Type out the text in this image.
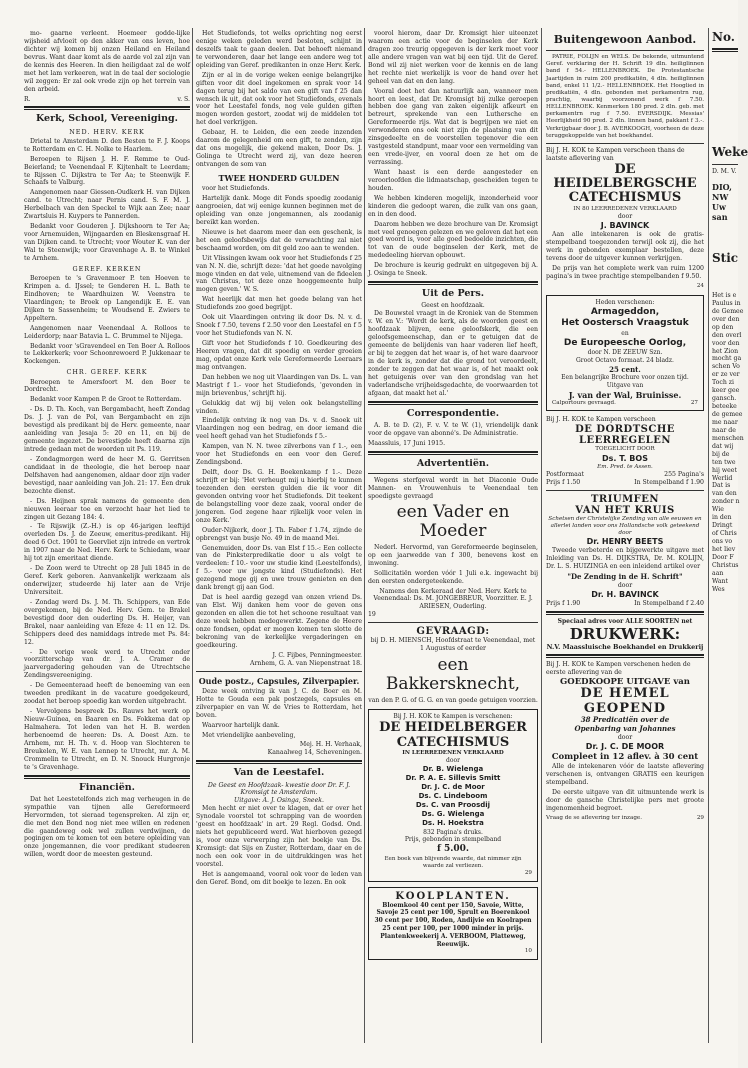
mo- gaarne verleent. Hoemeer godde-lijke wijsheid afvloeit op den akker van ons leven, hoe dichter wij komen bij onzen Heiland en Heiland bevrus. Want daar komt als de aarde vol zal zijn van de kennis des Heeren. In dien heiligdaat zal de wolf met het lam verkeeren, wat in de taal der sociologie wil zeggen: Er zal ook vrede zijn op het terrein van den arbeid.

R.	v. S.
Kerk, School, Vereeniging.
NED. HERV. KERK

Drietal te Amsterdam D. den Besten te F. J. Koops te Rotterdam en C. H. Nolke te Haarlem.

Beroepen te Rijsen J. H. F. Remme te Oud-Beierland; te Veenendaal F. Kijtenhalt te Leerdam; te Rijssen C. Dijkstra te Ter Aa; te Steenwijk F. Schaafs te Valburg.

Aangenomen naar Giessen-Oudkerk H. van Dijken cand. te Utrecht; naar Pernis cand. S. F. M. J. Herbelbach van den Speckel te Wijk aan Zee; naar Zwartsluis H. Kuypers te Pannerden.

Bedankt voor Gouderen J. Dijkshoorn te Ter Aa; voor Arnemuiden, Wijngaarden en Bleskensgraaf H. van Dijken cand. te Utrecht; voor Wouter K. van der Wal te Steenwijk; voor Gravenhage A. B. te Winkel te Arnhem.

GEREF. KERKEN

Beroepen te 's Gravenmoer P. ten Hoeven te Krimpen a. d. IJssel; te Genderen H. L. Bath te Eindhoven; te Waardhuizen W. Veenstra te Vlaardingen; te Broek op Langendijk E. E. van Dijken te Sassenheim; te Woudsend E. Zwiers te Appeltern.

Aangenomen naar Veenendaal A. Rolloos te Leiderdorp; naar Batavia L. C. Brummel te Nijega.

Bedankt voor 'sGravendeel en Ten Boer A. Rolloos te Lekkerkerk; voor Schoonrewoerd P. Jukkenaar te Kockengen.

CHR. GEREF. KERK

Beroepen te Amersfoort M. den Boer te Dordrecht.

Bedankt voor Kampen P. de Groot te Rotterdam.

- Ds. D. Th. Koch, van Bergambacht, heeft Zondag Ds. J. J. van de Pol, van Bergambacht en zijn bevestigd als predikant bij de Herv. gemeente, naar aanleiding van Jesaja 5: 20 en 11, en bij de gemeente ingezet. De bevestigde heeft daarna zijn intrede gedaan met de woorden uit Ps. 119.

- Zondagmorgen werd de heer M. G. Gerritsen candidaat in de theologie, die het beroep naar Delfshaven had aangenomen, aldaar door zijn vader bevestigd, naar aanleiding van Joh. 21: 17. Een druk bezochte dienst.

- Ds. Heijnen sprak namens de gemeente den nieuwen leeraar toe en verzocht haar het lied te zingen uit Gezang 184: 4.

- Te Rijswijk (Z.-H.) is op 46-jarigen leeftijd overleden Ds. J. de Zeeuw, emeritus-predikant. Hij deed 6 Oct. 1901 te Geervliet zijn intrede en vertrok in 1907 naar de Ned. Herv. Kerk te Schiedam, waar hij tot zijn emeritaat diende.

- De Zoon werd te Utrecht op 28 Juli 1845 in de Geref. Kerk geboren. Aanvankelijk werkzaam als onderwijzer, studeerde hij later aan de Vrije Universiteit.

- Zondag werd Ds. J. M. Th. Schippers, van Ede overgekomen, bij de Ned. Herv. Gem. te Brakel bevestigd door den ouderling Ds. H. Heijer, van Brakel, naar aanleiding van Efeze 4: 11 en 12. Ds. Schippers deed des namiddags intrede met Ps. 84: 12.

- De vorige week werd te Utrecht onder voorzitterschap van dr. J. A. Cramer de jaarvergadering gehouden van de Utrechtsche Zendingsvereeniging.

- De Gemeenteraad heeft de benoeming van een tweeden predikant in de vacature goedgekeurd, zoodat het beroep spoedig kan worden uitgebracht.

- Vervolgens bespreek Ds. Rauws het werk op Nieuw-Guinea, en Baaren en Ds. Fokkema dat op Halmahera. Tot leden van het H. B. werden herbenoemd de heeren: Ds. A. Doest Azn. te Arnhem, mr. H. Th. v. d. Hoop van Slochteren te Breukelen, W. E. van Lennep te Utrecht, mr. A. M. Crommelin te Utrecht, en D. N. Snouck Hurgronje te 's Gravenhage.

Financiën.

Dat het Leestetelfonds zich mag verheugen in de sympathie van tijnen alle Gereformeerd Hervormden, tot sieraad tegenspreken. Al zijn er, die met den Bond nog niet mee willen en redenen die gaandeweg ook wel zullen verdwijnen, de pogingen om te komen tot een betere opleiding van onze jongemannen, die voor predikant studeeren willen, wordt door de meesten gesteund.

Het Studiefonds, tot welks oprichting nog eerst eenige weken geleden werd besloten, schijnt in deszelfs taak te gaan deelen. Dat behoeft niemand te verwonderen, daar het lange een andere weg tot opleiding van Geref. predikanten in onze Herv. Kerk.

Zijn er al in de vorige weken eenige belangrijke giften voor dit doel ingekomen en sprak voor 14 dagen terug bij het saldo van een gift van f 25 dan wensch ik uit, dat ook voor het Studiefonds, evenals voor het Leestafel fonds, nog vele gulden giften mogen worden gestort, zoodat wij de middelen tot het doel verkrijgen.

Gebaar, H. te Leiden, die een zeede inzenden daarom de gelegenheid om een gift, te zenden, zijn dat ons mogelijk, die gekend maken, Door Ds. J. Golinga te Utrecht werd zij, van deze heeren ontvangen de som van

TWEE HONDERD GULDEN

voor het Studiefonds.

Hartelijk dank. Moge dit Fonds spoedig zoodanig aangroeien, dat wij eenige kunnen beginnen met de opleiding van onze jongemannen, als zoodanig bereikt kan worden.

Nieuwe is het daarom meer dan een geschenk, is het een geloofsbewijs dat de verwachting zal niet beschaamd worden, om dit geld zoo aan te wenden.

Uit Vlissingen kwam ook voor het Studiefonds f 25 van N. N. die, schrijft deze: 'dat het goede navolging moge vinden en dat vele, uitnemend van de fideelen van Christus, tot deze onze hooggemeente hulp mogen geven.' W. S.

Wat heerlijk dat men het goede belang van het Studiefonds zoo goed begrijpt.

Ook uit Vlaardingen ontving ik door Ds. N. v. d. Snoek f 7.50, tevens f 2.50 voor den Leestafel en f 5 voor het Studiefonds van N. N.

Gift voor het Studiefonds f 10. Goedkeuring des Heeren vragen, dat dit spoedig en verder groeien mag, opdat onze Kerk vele Gereformeerde Leeraars mag ontvangen.

Dan hebben we nog uit Vlaardingen van Ds. L. van Mastrigt f 1.- voor het Studiefonds, 'gevonden in mijn brievenbus,' schrijft hij.

Gelukkig dat wij bij velen ook belangstelling vinden.

Eindelijk ontving ik nog van Ds. v. d. Snoek uit Vlaardingen nog een bedrag, en door iemand die veel heeft gehad van het Studiefonds f 5.-

Kampen, van N. N. twee zilverbons van f 1.-, een voor het Studiefonds en een voor den Geref. Zendingsbond.

Delft, door Ds. G. H. Boekenkamp f 1.-. Deze schrijft er bij: 'Het verheugt mij u hierbij te kunnen toezenden den eersten gulden die ik voor dit gevonden ontving voor het Studiefonds. Dit teekent de belangstelling voor deze zaak, vooral onder de jongeren. God zegene haar rijkelijk voor velen in onze Kerk.'

Ouder-Nijkerk, door J. Th. Faber f 1.74, zijnde de opbrengst van busje No. 49 in de maand Mei.

Genemuiden, door Ds. van Elst f 15.-: Een collecte van de Pinksterpredikatie door u als volgt te verdeelen: f 10.- voor uw studie kind (Leestelfonds), f 5.- voor uw jongste kind (Studiefonds). Het gezegend moge gij en uwe trouw genieten en den dank brengt gij aan God.

Dat is heel aardig gezegd van onzen vriend Ds. van Elst. Wij danken hem voor de geven ons gezonden en allen die tot het schoone resultaat van deze week hebben medegewerkt. Zegene de Heere onze fondsen, opdat er mogen komen ten slotte de bekroning van de kerkelijke vergaderingen en goedkeuring.

J. C. Fijbes, Penningmeester.
Arnhem, G. A. van Niepenstraat 18.
Oude postz., Capsules, Zilverpapier.

Deze week ontving ik van J. C. de Boer en M. Hotte te Gouda een pak postzegels, capsules en zilverpapier en van W. de Vries te Rotterdam, het boven.

Waarvoor hartelijk dank.

Met vriendelijke aanbeveling,

Mej. H. H. Verhaak,
Kanaalweg 14, Scheveningen.
Van de Leestafel.
De Geest en Hoofdzaak- kwestie door Dr. F. J. Kromsigt te Amsterdam.
Uitgave: A. J. Osinga, Sneek.

Men hecht er niet over te klagen, dat er over het Synodale voorstel tot schrapping van de woorden 'geest en hoofdzaak' in art. 29 Regl. Godsd. Ond. niets het gepubliceerd werd. Wat hierboven gezegd is, voor onze verwerping zijn het boekje van Ds. Kromsigt: dat Sijs en Zuster, Rotterdam, daar en de noch een ook voor in de uitdrukkingen was het voorstel.

Het is aangemaand, vooral ook voor de leden van den Geref. Bond, om dit boekje te lezen. En ook

voorol hierom, daar Dr. Kromsigt hier uiteenzet waarom een actie voor de beginselen der Kerk dragen zoo treurig opgegeven is der kerk moet voor alle andere vragen van wat bij een tijd. Uit de Geref. Bond wil zij niet werken voor de kennis en de lang het rechte niet werkelijk is voor de hand over het geheel van dat en den lang.

Vooral doet het dan natuurlijk aan, wanneer men hoort en leest, dat Dr. Kromsigt bij zulke geroepen hebben doe gang van zaken eigenlijk afkeurt en betreurt, sprekende van een Luthersche en Gereformeerde rijs. Wat dat is begrijpen we niet en verwonderen ons ook niet zijn de plaatsing van dit zinsgedeelte en de voorstellen tegenover die een vastgesteld standpunt, maar voor een vermelding van een vrede-ijver, en vooral doen ze het om de verrassing.

Want haast is een derde aangesteder en veroorloofden die lidmaatschap, gescheiden tegen te houden.

We hebben kinderen mogelijk, inzonderheid voor kinderen die gedoopt waren, die zulk van ons gaan, en in den dood.

Daarom hebben we deze brochure van Dr. Kromsigt met veel genoegen gelezen en we geloven dat het een goed woord is, voor alle goed bedoelde inzichten, die tot van de oude beginselen der Kerk, met de mededeeling hiervan opbouwt.

De brochure is keurig gedrukt en uitgegeven bij A. J. Osinga te Sneek.

Uit de Pers.
Geest en hoofdzaak.

De Bouwstel vraagt in de Kroniek van de Stemmen v. W. en V.: 'Wordt de kerk, als de woorden geest en hoofdzaak blijven, eene geloofskerk, die een geloofsgemeenschap, dan er te getuigen dat de gemeente de belijdenis van haar vaderen lief heeft, er bij te zeggen dat het waar is, of het ware daarvoor in de kerk is, zonder dat die grond tot veroordeelt, zonder te zeggen dat het waar is, of het maakt ook het getuigenis over van den grondslag van het vaderlandsche vrijheidsgedachte, de voorwaarden tot afgaan, dat maakt het al.'

Correspondentie.

A. B. te D. (2), F. v. V. te W. (1), vriendelijk dank voor de opgave van abonné's. De Administratie.

Maassluis, 17 Juni 1915.
Advertentiën.

Wegens sterfgeval wordt in het Diaconie Oude Mannen- en Vrouwenhuis te Veenendaal ten spoedigste gevraagd

een Vader en Moeder

Nederl. Hervormd, van Gereformeerde beginselen, op een jaarwedde van f 300, benevens kost en inwoning.

Sollicitatiën worden vóór 1 Juli e.k. ingewacht bij den eersten ondergeteekende.

Namens den Kerkeraad der Ned. Herv. Kerk te Veenendaal: Ds. M. JONGEBREUR, Voorzitter. E. J. ARIESEN, Ouderling.
19
GEVRAAGD:
bij D. H. MIENSCH, Hoofdstraat te Veenendaal, met 1 Augustus of eerder
een Bakkersknecht,
van den P. G. of G. G. en van goede getuigen voorzien.
Bij J. H. KOK te Kampen is verschenen:
DE HEIDELBERGER
CATECHISMUS
IN LEERREDENEN VERKLAARD
door
Dr. B. Wielenga
Dr. P. A. E. Sillevis Smitt
Dr. J. C. de Moor
Ds. C. Lindeboom
Ds. C. van Proosdij
Ds. G. Wielenga
Ds. H. Hoekstra
832 Pagina's druks.
Prijs, gebonden in stempelband
f 5.00.
Een boek van blijvende waarde, dat nimmer zijn waarde zal verliezen.
29
KOOLPLANTEN.
Bloemkool 40 cent per 150, Savoie, Witte, Savoje 25 cent per 100, Sprult en Boerenkool 30 cent per 100, Roden, Andijvie en Koolrapen 25 cent per 100, per 1000 minder in prijs.
Plantenkweekerij A. VERBOOM, Platteweg, Reeuwijk.
10
Buitengewoon Aanbod.

PATRIE, FOLIJN en WELS. De bekende, uitmuntend Geref. verklaring der H. Schrift 19 dln. heiliglinnen band f 54.- HELLENBROEK. De Protestantsche Jaartijden in ruim 200 predikatiën, 4 dln. heiliglinnen band, enkel 11 1/2.- HELLENBROEK. Het Hooglied in predikatiën, 4 dln. gebonden met perkamentrn rug, prachtig, waarbij voorzonend werk f 7.50. HELLENBROEK. Kenmerken 180 pred. 2 dln. geb. met perkamentrn rug f 7.50. EVERSDIJK. Messias' Heerlijkheid 90 pred. 2 dln. linnen band, pakkant f 3.-. Verkrijgbaar door J. B. AVERKOOGH, voorheen de deze teruggekoppelde van het boekhandel.

Bij J. H. KOK te Kampen verscheen thans de laatste aflevering van
DE HEIDELBERGSCHE
CATECHISMUS
IN 80 LEERREDENEN VERKLAARD
door
J. BAVINCK

Aan alle intekenaren is ook de gratis-stempelband toegezonden terwijl ook zij, die het werk in gebonden exemplaar bestellen, deze tevens door de uitgever kunnen verkrijgen.

De prijs van het complete werk van ruim 1200 pagina's in twee prachtige stempelbanden f 9.50.

24
Heden verschenen:
Armageddon,
Het Oostersch Vraagstuk
en
De Europeesche Oorlog,
door N. DE ZEEUW Szn.
Groot Octavo formaat. 24 bladz.
25 cent.
Een belangrijke Brochure voor onzen tijd.
Uitgave van
J. van der Wal, Bruinisse.
Calportours gevraagd.	27
Bij J. H. KOK te Kampen verscheen
DE DORDTSCHE
LEERREGELEN
TOEGELICHT DOOR
Ds. T. BOS
Em. Pred. te Assen.
Postformaat	255 Pagina's
Prijs f 1.50	In Stempelband f 1.90
TRIUMFEN
VAN HET KRUIS
Schetsen der Christelijke Zending van alle eeuwen en allerlei landen voor ons Hollandsche volk geteekend door
Dr. HENRY BEETS

Tweede verbeterde en bijgewerkte uitgave met Inleiding van Ds. H. DIJKSTRA, Dr. M. KOLIJN, Dr. L. S. HUIZINGA en een inleidend artikel over

"De Zending in de H. Schrift"
door
Dr. H. BAVINCK
Prijs f 1.90	In Stempelband f 2.40
Speciaal adres voor ALLE SOORTEN net
DRUKWERK:
N.V. Maassluische Boekhandel en Drukkerij
Bij J. H. KOK te Kampen verschenen heden de eerste aflevering van de
GOEDKOOPE UITGAVE van
DE HEMEL GEOPEND
38 Predicatiën over de
Openbaring van Johannes
door
Dr. J. C. DE MOOR
Compleet in 12 aflev. à 30 cent

Alle de intekenaren vóór de laatste aflevering verschenen is, ontvangen GRATIS een keurigen stempelband.

De eerste uitgave van dit uitmuntende werk is door de gansche Christelijke pers met groote ingenomenheid begroet.

Vraag de se aflevering ter inzage.	29
No.
Weke
D. M. V.
DIO,
NW
Uw san
Stic
Het is e
Paulus in
de Gemee
over den
op den
den overl
voor den
het Zion
mocht ga
schen Vo
er ze ver
Toch zi
keer gee
gansch.
beteeke
de gemee
me naar
naar de
menschen
dat wij
bij de
ten twe
hij weet
Werlid
Dat is
van den
zonder n
Wie
in den
Dringt
of Chris
ons vo
het liev
Door F
Christus
aan
Want
Wes
